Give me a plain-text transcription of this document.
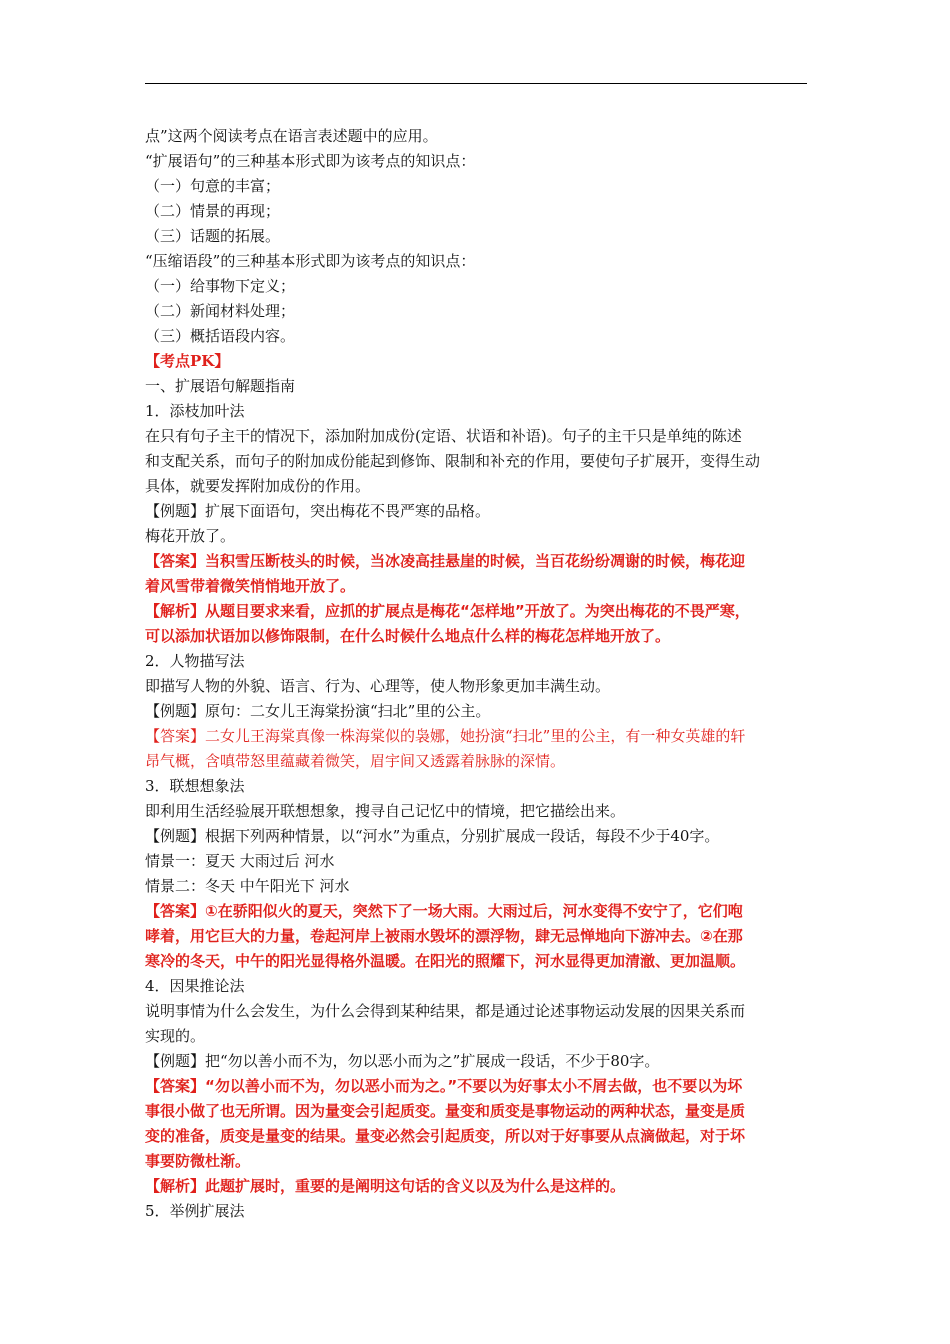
点”这两个阅读考点在语言表述题中的应用。
“扩展语句”的三种基本形式即为该考点的知识点：
（一）句意的丰富；
（二）情景的再现；
（三）话题的拓展。
“压缩语段”的三种基本形式即为该考点的知识点：
（一）给事物下定义；
（二）新闻材料处理；
（三）概括语段内容。
【考点PK】
一、扩展语句解题指南
1．添枝加叶法
在只有句子主干的情况下，添加附加成份(定语、状语和补语)。句子的主干只是单纯的陈述
和支配关系，而句子的附加成份能起到修饰、限制和补充的作用，要使句子扩展开，变得生动
具体，就要发挥附加成份的作用。
【例题】扩展下面语句，突出梅花不畏严寒的品格。
梅花开放了。
【答案】当积雪压断枝头的时候，当冰凌高挂悬崖的时候，当百花纷纷凋谢的时候，梅花迎
着风雪带着微笑悄悄地开放了。
【解析】从题目要求来看，应抓的扩展点是梅花“怎样地”开放了。为突出梅花的不畏严寒，
可以添加状语加以修饰限制，在什么时候什么地点什么样的梅花怎样地开放了。
2．人物描写法
即描写人物的外貌、语言、行为、心理等，使人物形象更加丰满生动。
【例题】原句：二女儿王海棠扮演“扫北”里的公主。
【答案】二女儿王海棠真像一株海棠似的袅娜，她扮演“扫北”里的公主，有一种女英雄的轩
昂气概，含嗔带怒里蕴藏着微笑，眉宇间又透露着脉脉的深情。
3．联想想象法
即利用生活经验展开联想想象，搜寻自己记忆中的情境，把它描绘出来。
【例题】根据下列两种情景，以“河水”为重点，分别扩展成一段话，每段不少于40字。
情景一：夏天 大雨过后 河水
情景二：冬天 中午阳光下 河水
【答案】①在骄阳似火的夏天，突然下了一场大雨。大雨过后，河水变得不安宁了，它们咆
哮着，用它巨大的力量，卷起河岸上被雨水毁坏的漂浮物，肆无忌惮地向下游冲去。②在那
寒冷的冬天，中午的阳光显得格外温暖。在阳光的照耀下，河水显得更加清澈、更加温顺。
4．因果推论法
说明事情为什么会发生，为什么会得到某种结果，都是通过论述事物运动发展的因果关系而
实现的。
【例题】把“勿以善小而不为，勿以恶小而为之”扩展成一段话，不少于80字。
【答案】“勿以善小而不为，勿以恶小而为之。”不要以为好事太小不屑去做，也不要以为坏
事很小做了也无所谓。因为量变会引起质变。量变和质变是事物运动的两种状态，量变是质
变的准备，质变是量变的结果。量变必然会引起质变，所以对于好事要从点滴做起，对于坏
事要防微杜渐。
【解析】此题扩展时，重要的是阐明这句话的含义以及为什么是这样的。
5．举例扩展法
